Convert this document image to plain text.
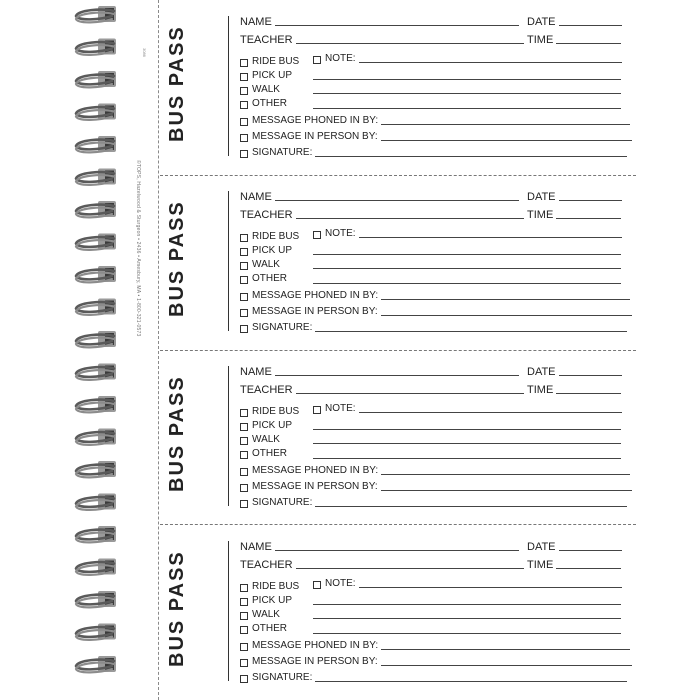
3086
©TOPS, Hazelwood & Sturgeon • 2436 • Amesbury, MA • 1-800-321-0573
BUS PASS
NAME	DATE
TEACHER	TIME
RIDE BUS
PICK UP
WALK
OTHER
NOTE:
MESSAGE PHONED IN BY:
MESSAGE IN PERSON BY:
SIGNATURE:
BUS PASS
NAME	DATE
TEACHER	TIME
RIDE BUS
PICK UP
WALK
OTHER
NOTE:
MESSAGE PHONED IN BY:
MESSAGE IN PERSON BY:
SIGNATURE:
BUS PASS
NAME	DATE
TEACHER	TIME
RIDE BUS
PICK UP
WALK
OTHER
NOTE:
MESSAGE PHONED IN BY:
MESSAGE IN PERSON BY:
SIGNATURE:
BUS PASS
NAME	DATE
TEACHER	TIME
RIDE BUS
PICK UP
WALK
OTHER
NOTE:
MESSAGE PHONED IN BY:
MESSAGE IN PERSON BY:
SIGNATURE:
